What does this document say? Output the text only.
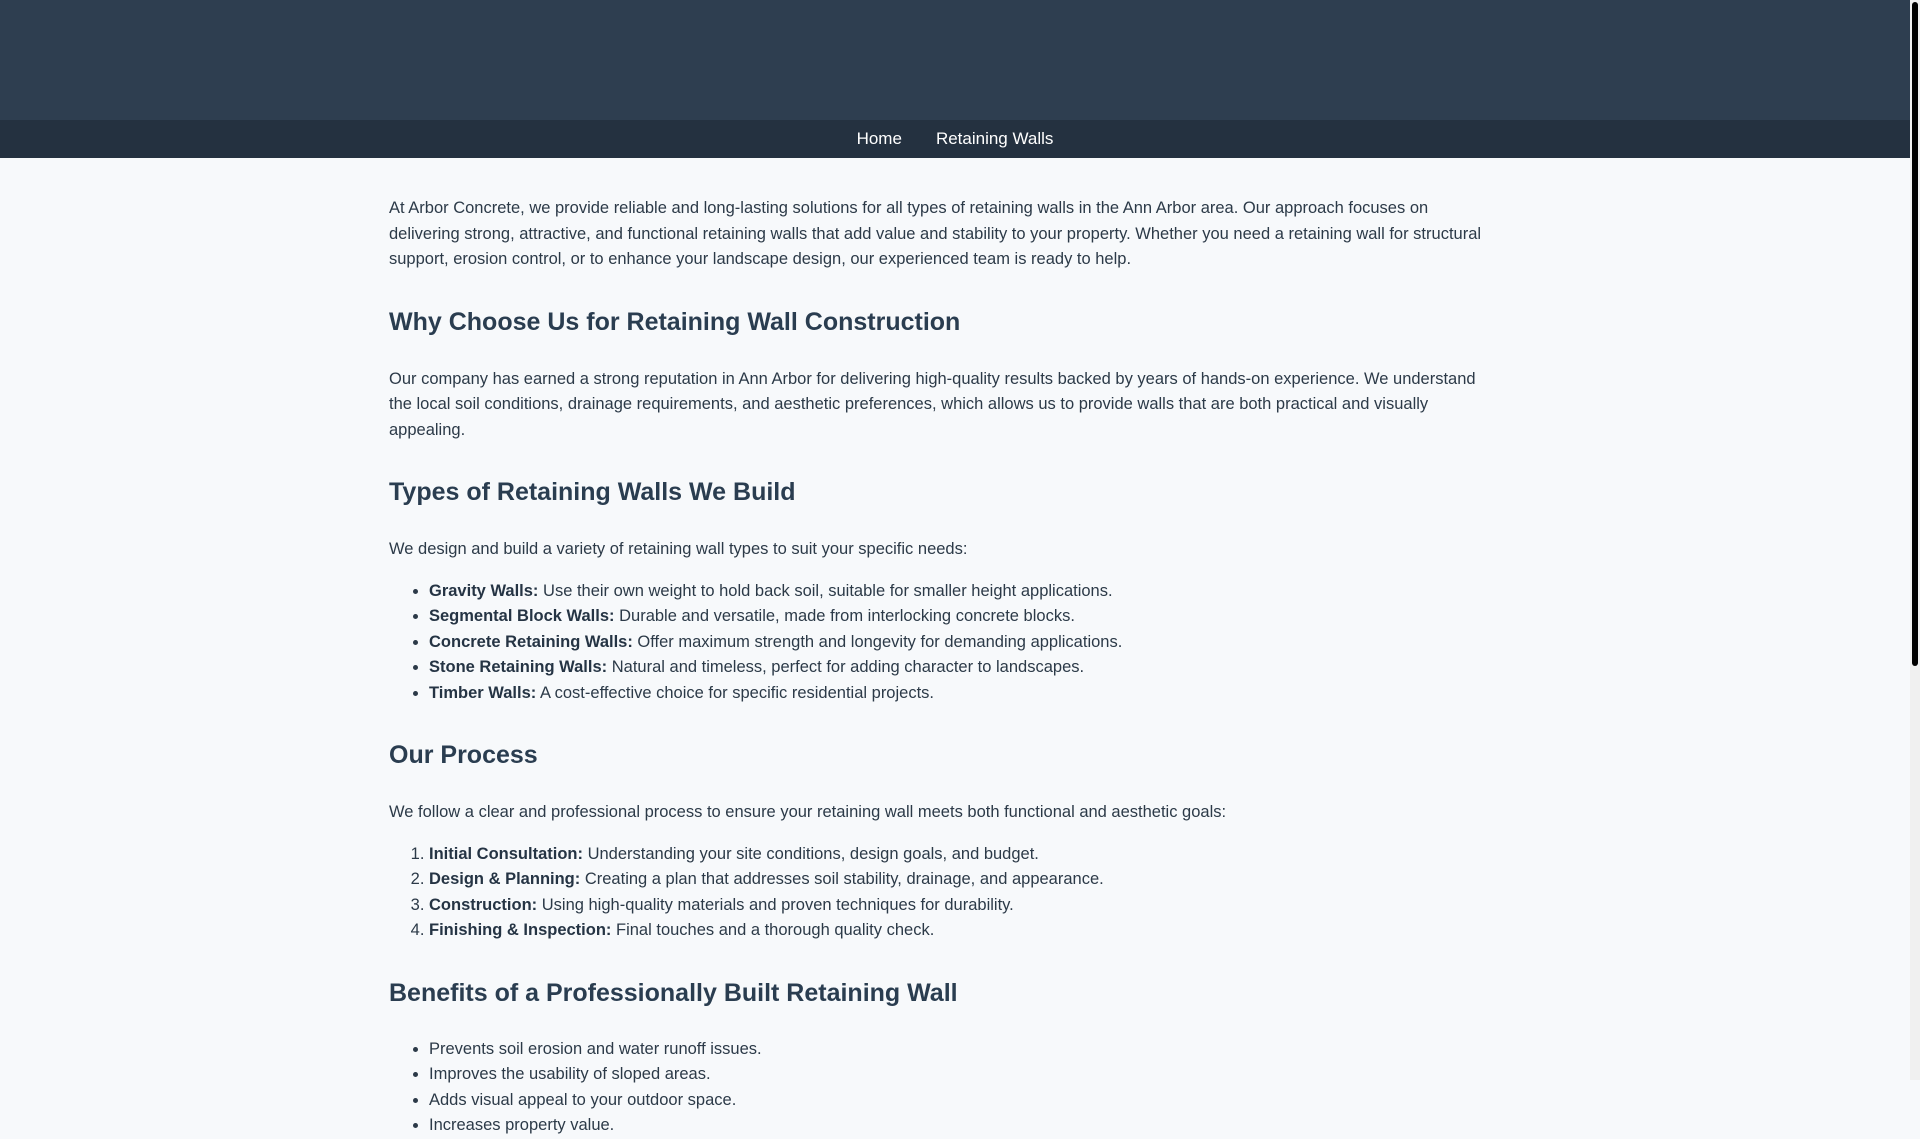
Home Retaining Walls

At Arbor Concrete, we provide reliable and long-lasting solutions for all types of retaining walls in the Ann Arbor area. Our approach focuses on delivering strong, attractive, and functional retaining walls that add value and stability to your property. Whether you need a retaining wall for structural support, erosion control, or to enhance your landscape design, our experienced team is ready to help.

Why Choose Us for Retaining Wall Construction

Our company has earned a strong reputation in Ann Arbor for delivering high-quality results backed by years of hands-on experience. We understand the local soil conditions, drainage requirements, and aesthetic preferences, which allows us to provide walls that are both practical and visually appealing.

Types of Retaining Walls We Build

We design and build a variety of retaining wall types to suit your specific needs:

• Gravity Walls: Use their own weight to hold back soil, suitable for smaller height applications.
• Segmental Block Walls: Durable and versatile, made from interlocking concrete blocks.
• Concrete Retaining Walls: Offer maximum strength and longevity for demanding applications.
• Stone Retaining Walls: Natural and timeless, perfect for adding character to landscapes.
• Timber Walls: A cost-effective choice for specific residential projects.
Our Process

We follow a clear and professional process to ensure your retaining wall meets both functional and aesthetic goals:

1. Initial Consultation: Understanding your site conditions, design goals, and budget.
2. Design & Planning: Creating a plan that addresses soil stability, drainage, and appearance.
3. Construction: Using high-quality materials and proven techniques for durability.
4. Finishing & Inspection: Final touches and a thorough quality check.
Benefits of a Professionally Built Retaining Wall
• Prevents soil erosion and water runoff issues.
• Improves the usability of sloped areas.
• Adds visual appeal to your outdoor space.
• Increases property value.
